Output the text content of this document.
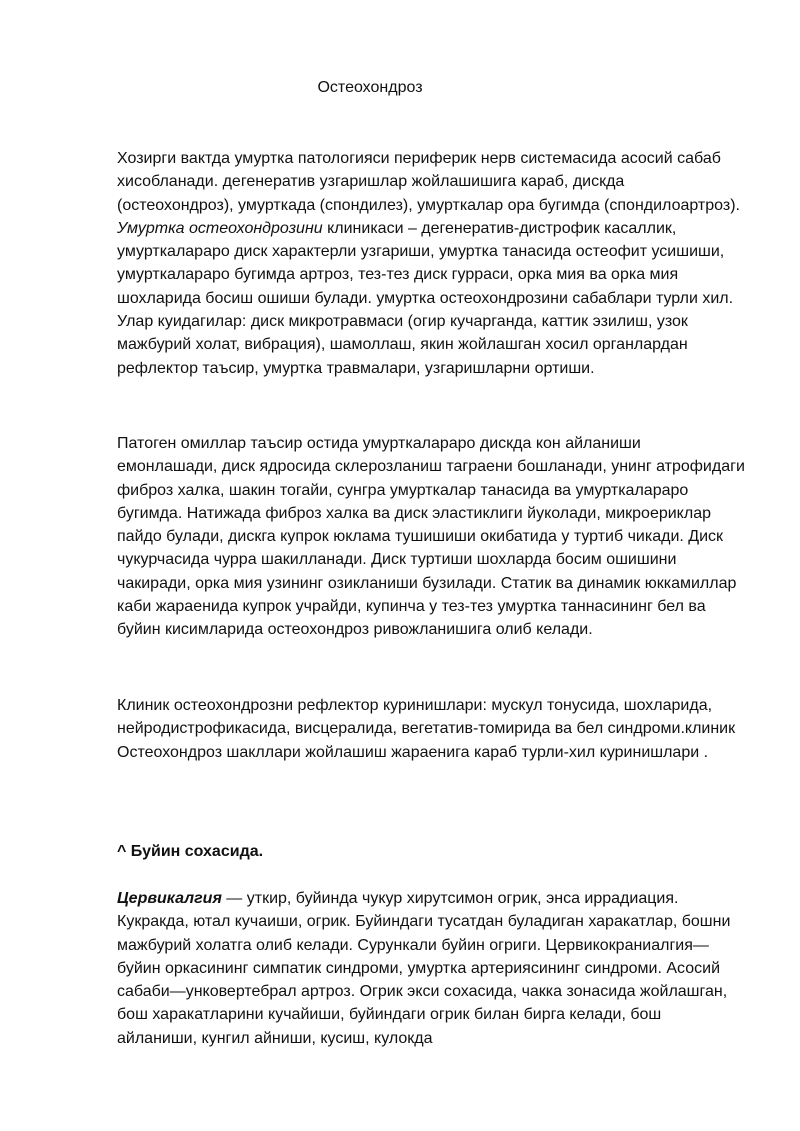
Остеохондроз

Хозирги вактда умуртка патологияси периферик нерв системасида асосий сабаб хисобланади. дегенератив узгаришлар жойлашишига караб, дискда (остеохондроз), умурткада (спондилез), умурткалар ора бугимда (спондилоартроз). Умуртка остеохондрозини клиникаси – дегенератив-дистрофик касаллик, умурткалараро диск характерли узгариши, умуртка танасида остеофит усишиши, умурткалараро бугимда артроз, тез-тез диск гурраси, орка мия ва орка мия шохларида босиш ошиши булади. умуртка остеохондрозини сабаблари турли хил. Улар куидагилар: диск микротравмаси (огир кучарганда, каттик эзилиш, узок мажбурий холат, вибрация), шамоллаш, якин жойлашган хосил органлардан рефлектор таъсир, умуртка травмалари, узгаришларни ортиши.

Патоген омиллар таъсир остида умурткалараро дискда кон айланиши емонлашади, диск ядросида склерозланиш таграени бошланади, унинг атрофидаги фиброз халка, шакин тогайи, сунгра умурткалар танасида ва умурткалараро бугимда. Натижада фиброз халка ва диск эластиклиги йуколади, микроериклар пайдо булади, дискга купрок юклама тушишиши окибатида у туртиб чикади. Диск чукурчасида чурра шакилланади. Диск туртиши шохларда босим ошишини чакиради, орка мия узининг озикланиши бузилади. Статик ва динамик юккамиллар каби жараенида купрок учрайди, купинча у тез-тез умуртка таннасининг бел ва буйин кисимларида остеохондроз ривожланишига олиб келади.

Клиник остеохондрозни рефлектор куринишлари: мускул тонусида, шохларида, нейродистрофикасида, висцералида, вегетатив-томирида ва бел синдроми.клиник Остеохондроз шакллари жойлашиш жараенига караб турли-хил куринишлари .

^ Буйин сохасида.

Цервикалгия — уткир, буйинда чукур хирутсимон огрик, энса иррадиация. Кукракда, ютал кучаиши, огрик. Буйиндаги тусатдан буладиган харакатлар, бошни мажбурий холатга олиб келади. Сурункали буйин огриги. Цервикокраниалгия—буйин оркасининг симпатик синдроми, умуртка артериясининг синдроми. Асосий сабаби—унковертебрал артроз. Огрик экси сохасида, чакка зонасида жойлашган, бош харакатларини кучайиши, буйиндаги огрик билан бирга келади, бош айланиши, кунгил айниши, кусиш, кулокда
